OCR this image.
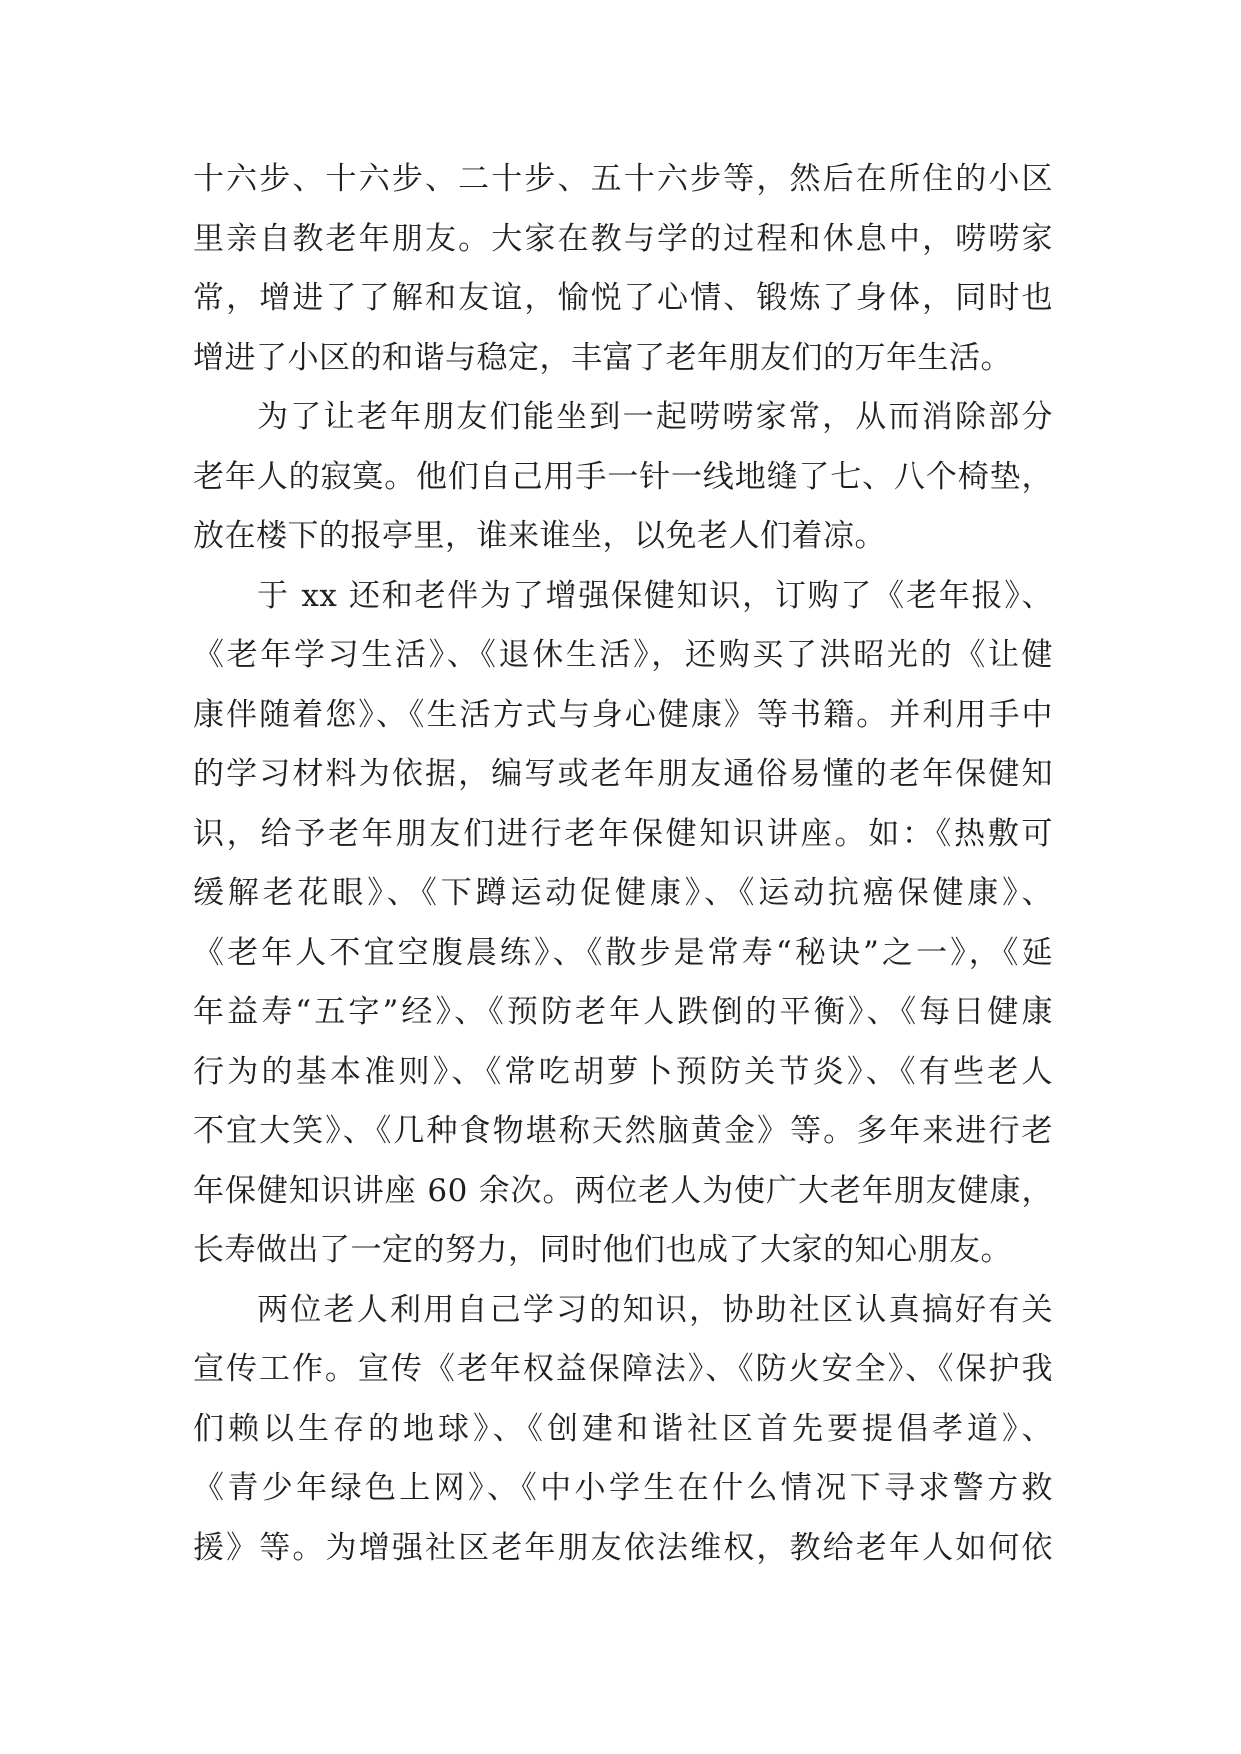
十六步、十六步、二十步、五十六步等，然后在所住的小区
里亲自教老年朋友。大家在教与学的过程和休息中，唠唠家
常，增进了了解和友谊，愉悦了心情、锻炼了身体，同时也
增进了小区的和谐与稳定，丰富了老年朋友们的万年生活。
为了让老年朋友们能坐到一起唠唠家常，从而消除部分
老年人的寂寞。他们自己用手一针一线地缝了七、八个椅垫，
放在楼下的报亭里，谁来谁坐，以免老人们着凉。
于 xx 还和老伴为了增强保健知识，订购了《老年报》、
《老年学习生活》、《退休生活》，还购买了洪昭光的《让健
康伴随着您》、《生活方式与身心健康》等书籍。并利用手中
的学习材料为依据，编写或老年朋友通俗易懂的老年保健知
识，给予老年朋友们进行老年保健知识讲座。如：《热敷可
缓解老花眼》、《下蹲运动促健康》、《运动抗癌保健康》、
《老年人不宜空腹晨练》、《散步是常寿“秘诀”之一》，《延
年益寿“五字”经》、《预防老年人跌倒的平衡》、《每日健康
行为的基本准则》、《常吃胡萝卜预防关节炎》、《有些老人
不宜大笑》、《几种食物堪称天然脑黄金》等。多年来进行老
年保健知识讲座 60 余次。两位老人为使广大老年朋友健康，
长寿做出了一定的努力，同时他们也成了大家的知心朋友。
两位老人利用自己学习的知识，协助社区认真搞好有关
宣传工作。宣传《老年权益保障法》、《防火安全》、《保护我
们赖以生存的地球》、《创建和谐社区首先要提倡孝道》、
《青少年绿色上网》、《中小学生在什么情况下寻求警方救
援》等。为增强社区老年朋友依法维权，教给老年人如何依
